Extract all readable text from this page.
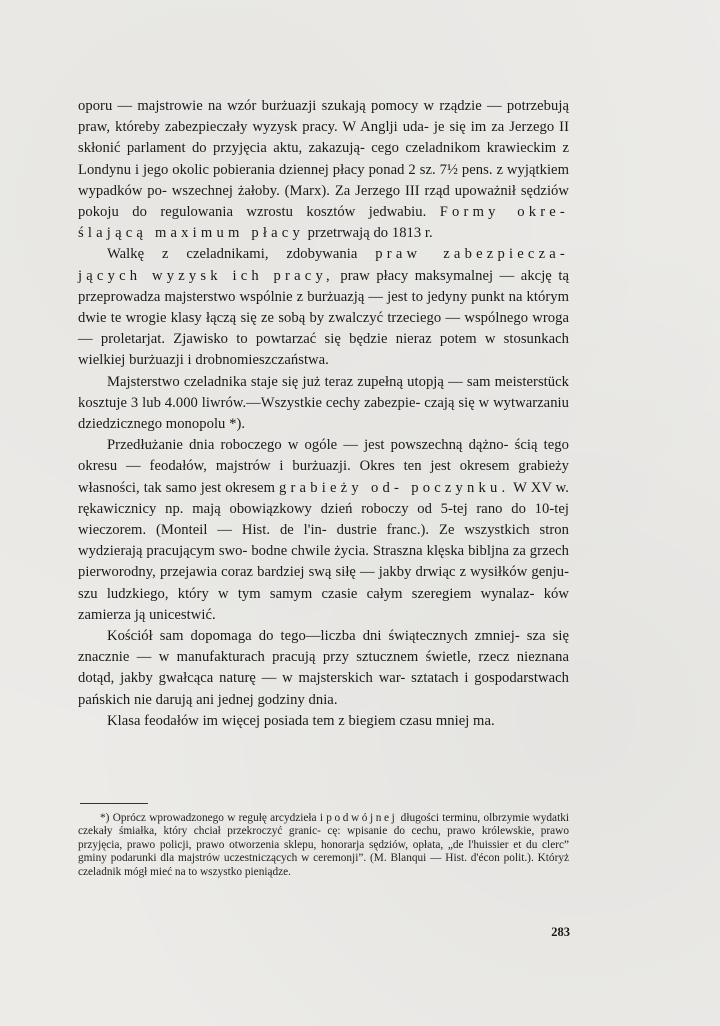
oporu — majstrowie na wzór burżuazji szukają pomocy w rządzie — potrzebują praw, któreby zabezpieczały wyzysk pracy. W Anglji uda- je się im za Jerzego II skłonić parlament do przyjęcia aktu, zakazują- cego czeladnikom krawieckim z Londynu i jego okolic pobierania dziennej płacy ponad 2 sz. 7½ pens. z wyjątkiem wypadków po- wszechnej żałoby. (Marx). Za Jerzego III rząd upoważnił sędziów pokoju do regulowania wzrostu kosztów jedwabiu. Formy okre- ślającą maximum płacy przetrwają do 1813 r.

Walkę z czeladnikami, zdobywania praw zabezpiecza- jących wyzysk ich pracy, praw płacy maksymalnej — akcję tą przeprowadza majsterstwo wspólnie z burżuazją — jest to jedyny punkt na którym dwie te wrogie klasy łączą się ze sobą by zwalczyć trzeciego — wspólnego wroga — proletarjat. Zjawisko to powtarzać się będzie nieraz potem w stosunkach wielkiej burżuazji i drobnomieszczaństwa.

Majsterstwo czeladnika staje się już teraz zupełną utopją — sam meisterstück kosztuje 3 lub 4.000 liwrów.—Wszystkie cechy zabezpie- czają się w wytwarzaniu dziedzicznego monopolu *).

Przedłużanie dnia roboczego w ogóle — jest powszechną dążno- ścią tego okresu — feodałów, majstrów i burżuazji. Okres ten jest okresem grabieży własności, tak samo jest okresem grabieży od- poczynku. W XV w. rękawicznicy np. mają obowiązkowy dzień roboczy od 5-tej rano do 10-tej wieczorem. (Monteil — Hist. de l'in- dustrie franc.). Ze wszystkich stron wydzierają pracującym swo- bodne chwile życia. Straszna klęska bibljna za grzech pierworodny, przejawia coraz bardziej swą siłę — jakby drwiąc z wysiłków genju- szu ludzkiego, który w tym samym czasie całym szeregiem wynalaz- ków zamierza ją unicestwić.

Kościół sam dopomaga do tego—liczba dni świątecznych zmniej- sza się znacznie — w manufakturach pracują przy sztucznem świetle, rzecz nieznana dotąd, jakby gwałcąca naturę — w majsterskich war- sztatach i gospodarstwach pańskich nie darują ani jednej godziny dnia.

Klasa feodałów im więcej posiada tem z biegiem czasu mniej ma.

*) Oprócz wprowadzonego w regułę arcydzieła i podwójnej długości terminu, olbrzymie wydatki czekały śmiałka, który chciał przekroczyć granic- cę: wpisanie do cechu, prawo królewskie, prawo przyjęcia, prawo policji, prawo otworzenia sklepu, honorarja sędziów, opłata, „de l'huissier et du clerc” gminy podarunki dla majstrów uczestniczących w ceremonji”. (M. Blanqui — Hist. d'écon polit.). Któryż czeladnik mógł mieć na to wszystko pieniądze.

283
